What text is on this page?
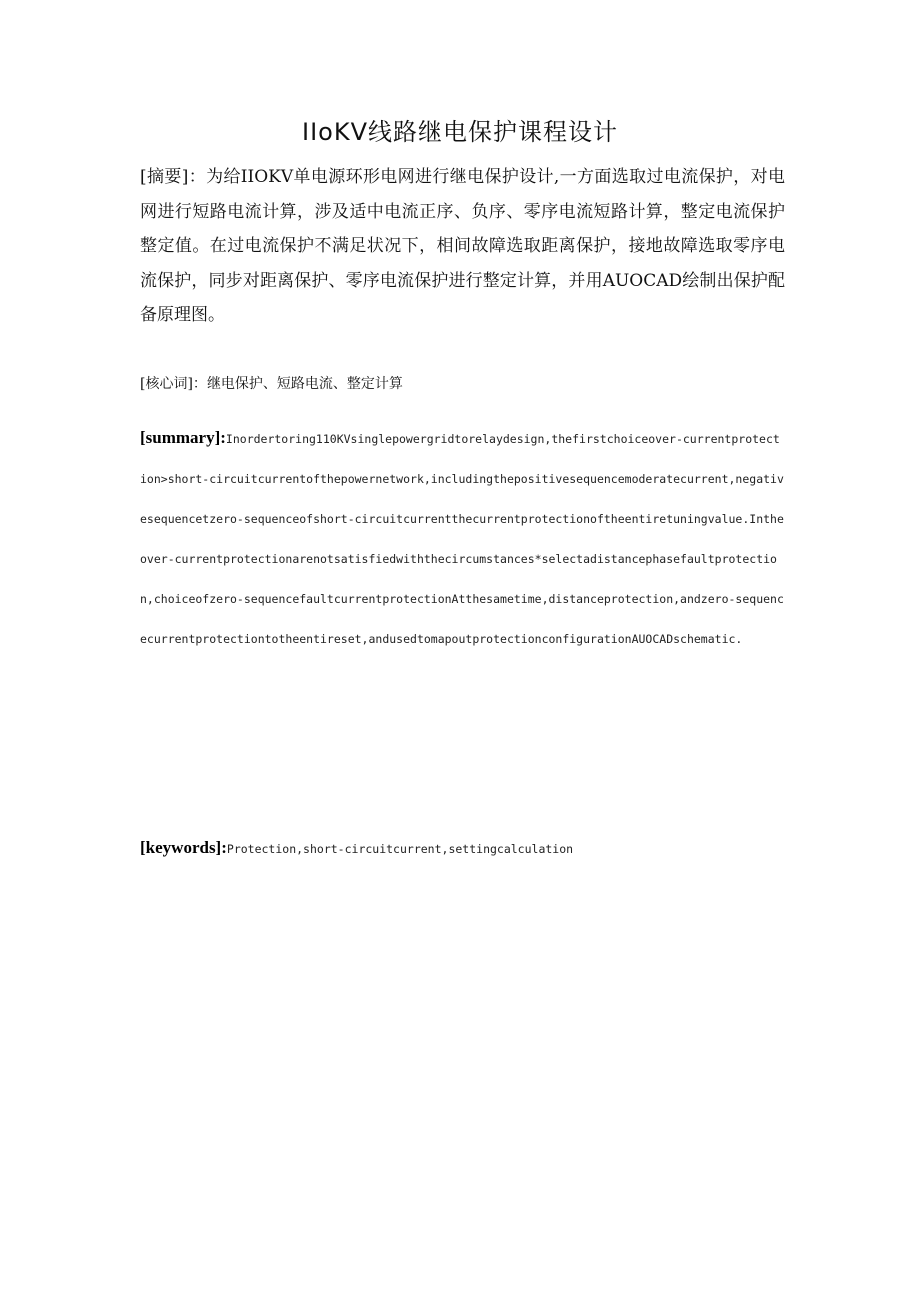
IIoKV线路继电保护课程设计

[摘要]：为给IIOKV单电源环形电网进行继电保护设计,一方面选取过电流保护，对电网进行短路电流计算，涉及适中电流正序、负序、零序电流短路计算，整定电流保护整定值。在过电流保护不满足状况下，相间故障选取距离保护，接地故障选取零序电流保护，同步对距离保护、零序电流保护进行整定计算，并用AUOCAD绘制出保护配备原理图。

[核心词]：继电保护、短路电流、整定计算

[summary]:Inordertoring110KVsinglepowergridtorelaydesign,thefirstchoiceover-currentprotection>short-circuitcurrentofthepowernetwork,includingthepositivesequencemoderatecurrent,negativesequencetzero-sequenceofshort-circuitcurrentthecurrentprotectionoftheentiretuningvalue.Intheover-currentprotectionarenotsatisfiedwiththecircumstances*selectadistancephasefaultprotection,choiceofzero-sequencefaultcurrentprotectionAtthesametime,distanceprotection,andzero-sequencecurrentprotectiontotheentireset,andusedtomapoutprotectionconfigurationAUOCADschematic.

[keywords]:Protection,short-circuitcurrent,settingcalculation
